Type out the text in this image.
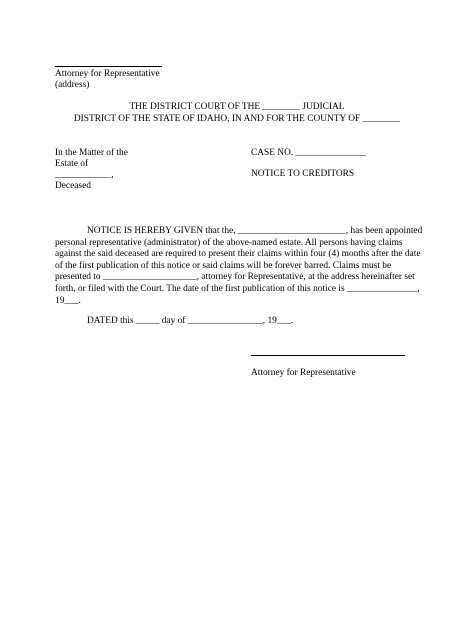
Attorney for Representative
(address)
THE DISTRICT COURT OF THE ________ JUDICIAL
DISTRICT OF THE STATE OF IDAHO, IN AND FOR THE COUNTY OF ________
In the Matter of the
Estate of
____________,
Deceased
CASE NO. _______________
NOTICE TO CREDITORS
NOTICE IS HEREBY GIVEN that the, _______________________, has been appointed personal representative (administrator) of the above-named estate. All persons having claims against the said deceased are required to present their claims within four (4) months after the date of the first publication of this notice or said claims will be forever barred. Claims must be presented to ____________________, attorney for Representative, at the address hereinafter set forth, or filed with the Court. The date of the first publication of this notice is _______________, 19___.
DATED this _____ day of ________________, 19___.
Attorney for Representative
